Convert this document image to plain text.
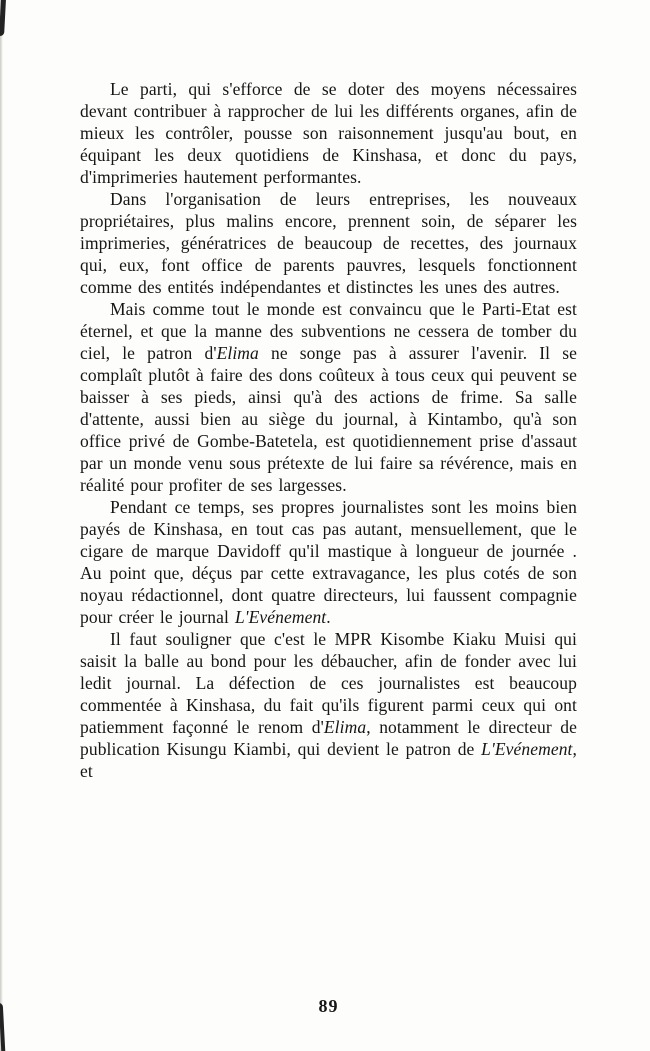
Le parti, qui s'efforce de se doter des moyens nécessaires devant contribuer à rapprocher de lui les différents organes, afin de mieux les contrôler, pousse son raisonnement jusqu'au bout, en équipant les deux quotidiens de Kinshasa, et donc du pays, d'imprimeries hautement performantes.

Dans l'organisation de leurs entreprises, les nouveaux propriétaires, plus malins encore, prennent soin, de séparer les imprimeries, génératrices de beaucoup de recettes, des journaux qui, eux, font office de parents pauvres, lesquels fonctionnent comme des entités indépendantes et distinctes les unes des autres.

Mais comme tout le monde est convaincu que le Parti-Etat est éternel, et que la manne des subventions ne cessera de tomber du ciel, le patron d'Elima ne songe pas à assurer l'avenir. Il se complaît plutôt à faire des dons coûteux à tous ceux qui peuvent se baisser à ses pieds, ainsi qu'à des actions de frime. Sa salle d'attente, aussi bien au siège du journal, à Kintambo, qu'à son office privé de Gombe-Batetela, est quotidiennement prise d'assaut par un monde venu sous prétexte de lui faire sa révérence, mais en réalité pour profiter de ses largesses.

Pendant ce temps, ses propres journalistes sont les moins bien payés de Kinshasa, en tout cas pas autant, mensuellement, que le cigare de marque Davidoff qu'il mastique à longueur de journée . Au point que, déçus par cette extravagance, les plus cotés de son noyau rédactionnel, dont quatre directeurs, lui faussent compagnie pour créer le journal L'Evénement.

Il faut souligner que c'est le MPR Kisombe Kiaku Muisi qui saisit la balle au bond pour les débaucher, afin de fonder avec lui ledit journal. La défection de ces journalistes est beaucoup commentée à Kinshasa, du fait qu'ils figurent parmi ceux qui ont patiemment façonné le renom d'Elima, notamment le directeur de publication Kisungu Kiambi, qui devient le patron de L'Evénement, et

89
